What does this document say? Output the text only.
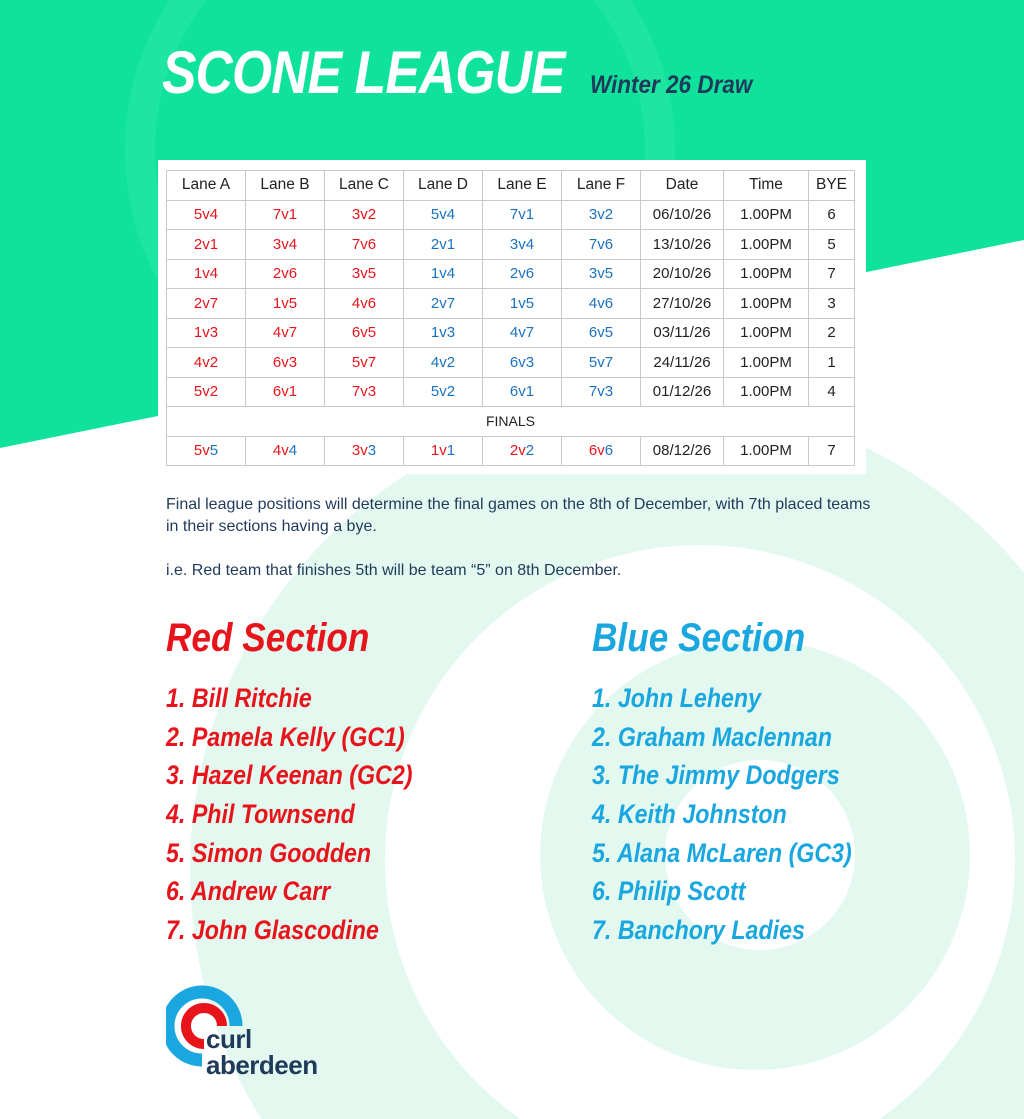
SCONE LEAGUE Winter 26 Draw
Lane A	Lane B	Lane C	Lane D	Lane E	Lane F	Date	Time	BYE
5v4	7v1	3v2	5v4	7v1	3v2	06/10/26	1.00PM	6
2v1	3v4	7v6	2v1	3v4	7v6	13/10/26	1.00PM	5
1v4	2v6	3v5	1v4	2v6	3v5	20/10/26	1.00PM	7
2v7	1v5	4v6	2v7	1v5	4v6	27/10/26	1.00PM	3
1v3	4v7	6v5	1v3	4v7	6v5	03/11/26	1.00PM	2
4v2	6v3	5v7	4v2	6v3	5v7	24/11/26	1.00PM	1
5v2	6v1	7v3	5v2	6v1	7v3	01/12/26	1.00PM	4
FINALS								
5v5	4v4	3v3	1v1	2v2	6v6	08/12/26	1.00PM	7

Final league positions will determine the final games on the 8th of December, with 7th placed teams in their sections having a bye.

i.e. Red team that finishes 5th will be team “5” on 8th December.

Red Section
1. Bill Ritchie
2. Pamela Kelly (GC1)
3. Hazel Keenan (GC2)
4. Phil Townsend
5. Simon Goodden
6. Andrew Carr
7. John Glascodine
Blue Section
1. John Leheny
2. Graham Maclennan
3. The Jimmy Dodgers
4. Keith Johnston
5. Alana McLaren (GC3)
6. Philip Scott
7. Banchory Ladies
curl
aberdeen
